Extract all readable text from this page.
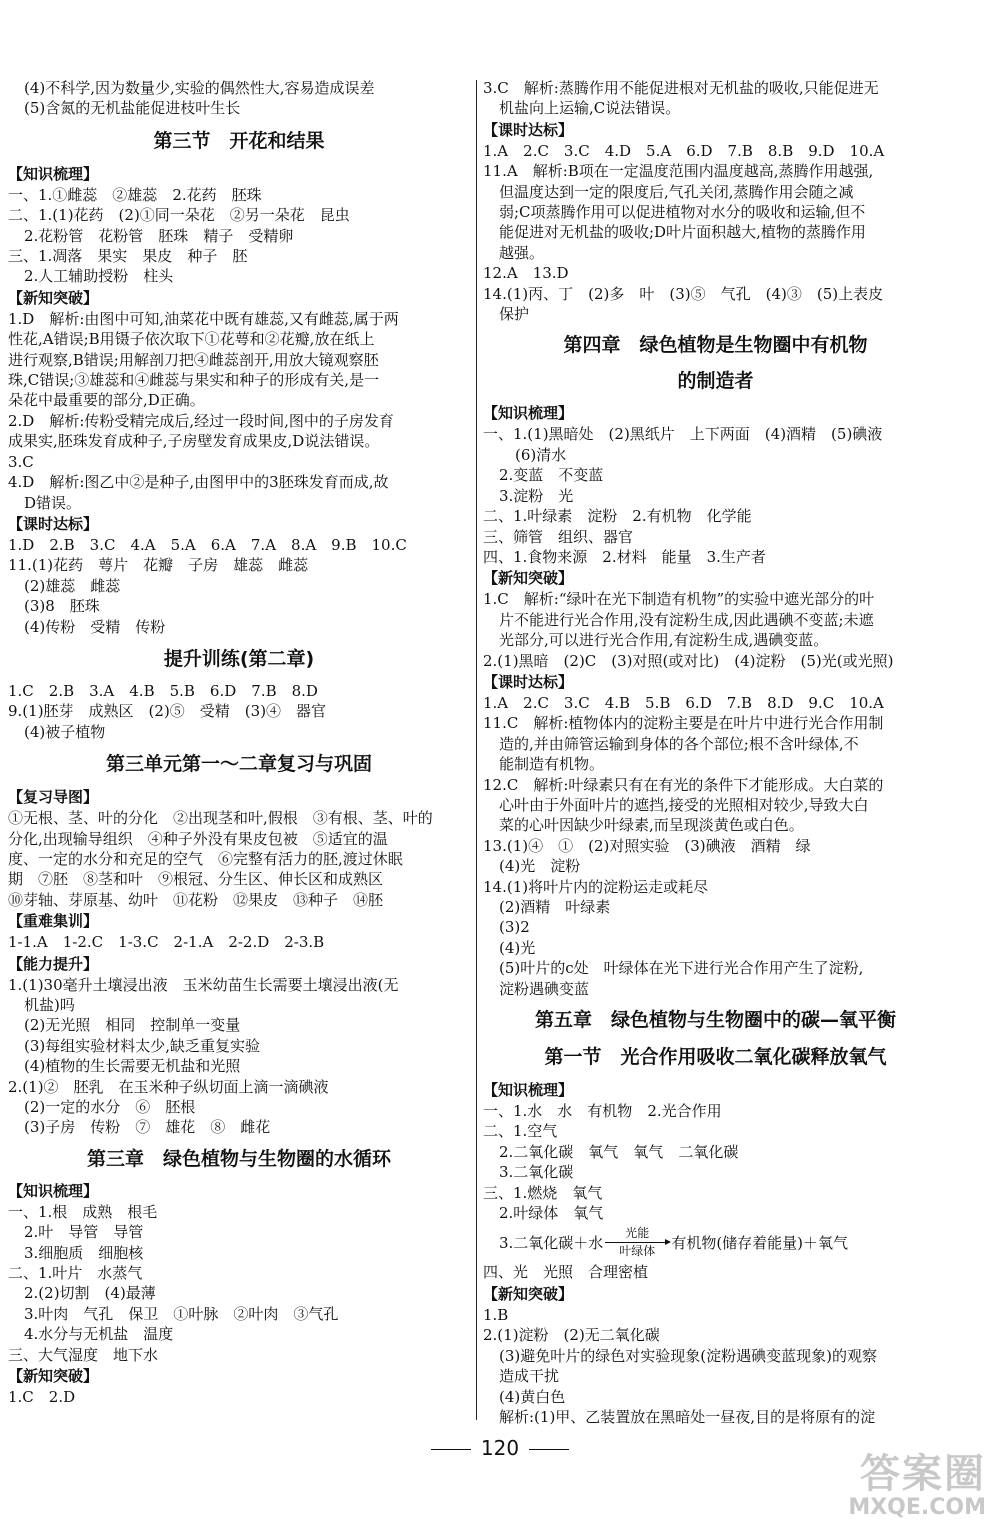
(4)不科学,因为数量少,实验的偶然性大,容易造成误差
(5)含氮的无机盐能促进枝叶生长
第三节　开花和结果
【知识梳理】
一、1.①雌蕊　②雄蕊　2.花药　胚珠
二、1.(1)花药　(2)①同一朵花　②另一朵花　昆虫
2.花粉管　花粉管　胚珠　精子　受精卵
三、1.凋落　果实　果皮　种子　胚
2.人工辅助授粉　柱头
【新知突破】
1.D　解析:由图中可知,油菜花中既有雄蕊,又有雌蕊,属于两
性花,A错误;B用镊子依次取下①花萼和②花瓣,放在纸上
进行观察,B错误;用解剖刀把④雌蕊剖开,用放大镜观察胚
珠,C错误;③雄蕊和④雌蕊与果实和种子的形成有关,是一
朵花中最重要的部分,D正确。
2.D　解析:传粉受精完成后,经过一段时间,图中的子房发育
成果实,胚珠发育成种子,子房壁发育成果皮,D说法错误。
3.C
4.D　解析:图乙中②是种子,由图甲中的3胚珠发育而成,故
D错误。
【课时达标】
1.D　2.B　3.C　4.A　5.A　6.A　7.A　8.A　9.B　10.C
11.(1)花药　萼片　花瓣　子房　雄蕊　雌蕊
(2)雄蕊　雌蕊
(3)8　胚珠
(4)传粉　受精　传粉
提升训练(第二章)
1.C　2.B　3.A　4.B　5.B　6.D　7.B　8.D
9.(1)胚芽　成熟区　(2)⑤　受精　(3)④　器官
(4)被子植物
第三单元第一～二章复习与巩固
【复习导图】
①无根、茎、叶的分化　②出现茎和叶,假根　③有根、茎、叶的
分化,出现输导组织　④种子外没有果皮包被　⑤适宜的温
度、一定的水分和充足的空气　⑥完整有活力的胚,渡过休眠
期　⑦胚　⑧茎和叶　⑨根冠、分生区、伸长区和成熟区
⑩芽轴、芽原基、幼叶　⑪花粉　⑫果皮　⑬种子　⑭胚
【重难集训】
1-1.A　1-2.C　1-3.C　2-1.A　2-2.D　2-3.B
【能力提升】
1.(1)30毫升土壤浸出液　玉米幼苗生长需要土壤浸出液(无
机盐)吗
(2)无光照　相同　控制单一变量
(3)每组实验材料太少,缺乏重复实验
(4)植物的生长需要无机盐和光照
2.(1)②　胚乳　在玉米种子纵切面上滴一滴碘液
(2)一定的水分　⑥　胚根
(3)子房　传粉　⑦　雄花　⑧　雌花
第三章　绿色植物与生物圈的水循环
【知识梳理】
一、1.根　成熟　根毛
2.叶　导管　导管
3.细胞质　细胞核
二、1.叶片　水蒸气
2.(2)切割　(4)最薄
3.叶肉　气孔　保卫　①叶脉　②叶肉　③气孔
4.水分与无机盐　温度
三、大气湿度　地下水
【新知突破】
1.C　2.D
3.C　解析:蒸腾作用不能促进根对无机盐的吸收,只能促进无
机盐向上运输,C说法错误。
【课时达标】
1.A　2.C　3.C　4.D　5.A　6.D　7.B　8.B　9.D　10.A
11.A　解析:B项在一定温度范围内温度越高,蒸腾作用越强,
但温度达到一定的限度后,气孔关闭,蒸腾作用会随之减
弱;C项蒸腾作用可以促进植物对水分的吸收和运输,但不
能促进对无机盐的吸收;D叶片面积越大,植物的蒸腾作用
越强。
12.A　13.D
14.(1)丙、丁　(2)多　叶　(3)⑤　气孔　(4)③　(5)上表皮
保护
第四章　绿色植物是生物圈中有机物
的制造者
【知识梳理】
一、1.(1)黑暗处　(2)黑纸片　上下两面　(4)酒精　(5)碘液
(6)清水
2.变蓝　不变蓝
3.淀粉　光
二、1.叶绿素　淀粉　2.有机物　化学能
三、筛管　组织、器官
四、1.食物来源　2.材料　能量　3.生产者
【新知突破】
1.C　解析:“绿叶在光下制造有机物”的实验中遮光部分的叶
片不能进行光合作用,没有淀粉生成,因此遇碘不变蓝;未遮
光部分,可以进行光合作用,有淀粉生成,遇碘变蓝。
2.(1)黑暗　(2)C　(3)对照(或对比)　(4)淀粉　(5)光(或光照)
【课时达标】
1.A　2.C　3.C　4.B　5.B　6.D　7.B　8.D　9.C　10.A
11.C　解析:植物体内的淀粉主要是在叶片中进行光合作用制
造的,并由筛管运输到身体的各个部位;根不含叶绿体,不
能制造有机物。
12.C　解析:叶绿素只有在有光的条件下才能形成。大白菜的
心叶由于外面叶片的遮挡,接受的光照相对较少,导致大白
菜的心叶因缺少叶绿素,而呈现淡黄色或白色。
13.(1)④　①　(2)对照实验　(3)碘液　酒精　绿
(4)光　淀粉
14.(1)将叶片内的淀粉运走或耗尽
(2)酒精　叶绿素
(3)2
(4)光
(5)叶片的c处　叶绿体在光下进行光合作用产生了淀粉,
淀粉遇碘变蓝
第五章　绿色植物与生物圈中的碳—氧平衡
第一节　光合作用吸收二氧化碳释放氧气
【知识梳理】
一、1.水　水　有机物　2.光合作用
二、1.空气
2.二氧化碳　氧气　氧气　二氧化碳
3.二氧化碳
三、1.燃烧　氧气
2.叶绿体　氧气
3.二氧化碳＋水
光能
叶绿体 有机物(储存着能量)＋氧气
四、光　光照　合理密植
【新知突破】
1.B
2.(1)淀粉　(2)无二氧化碳
(3)避免叶片的绿色对实验现象(淀粉遇碘变蓝现象)的观察
造成干扰
(4)黄白色
解析:(1)甲、乙装置放在黑暗处一昼夜,目的是将原有的淀
120
答案圈
MXQE.COM
